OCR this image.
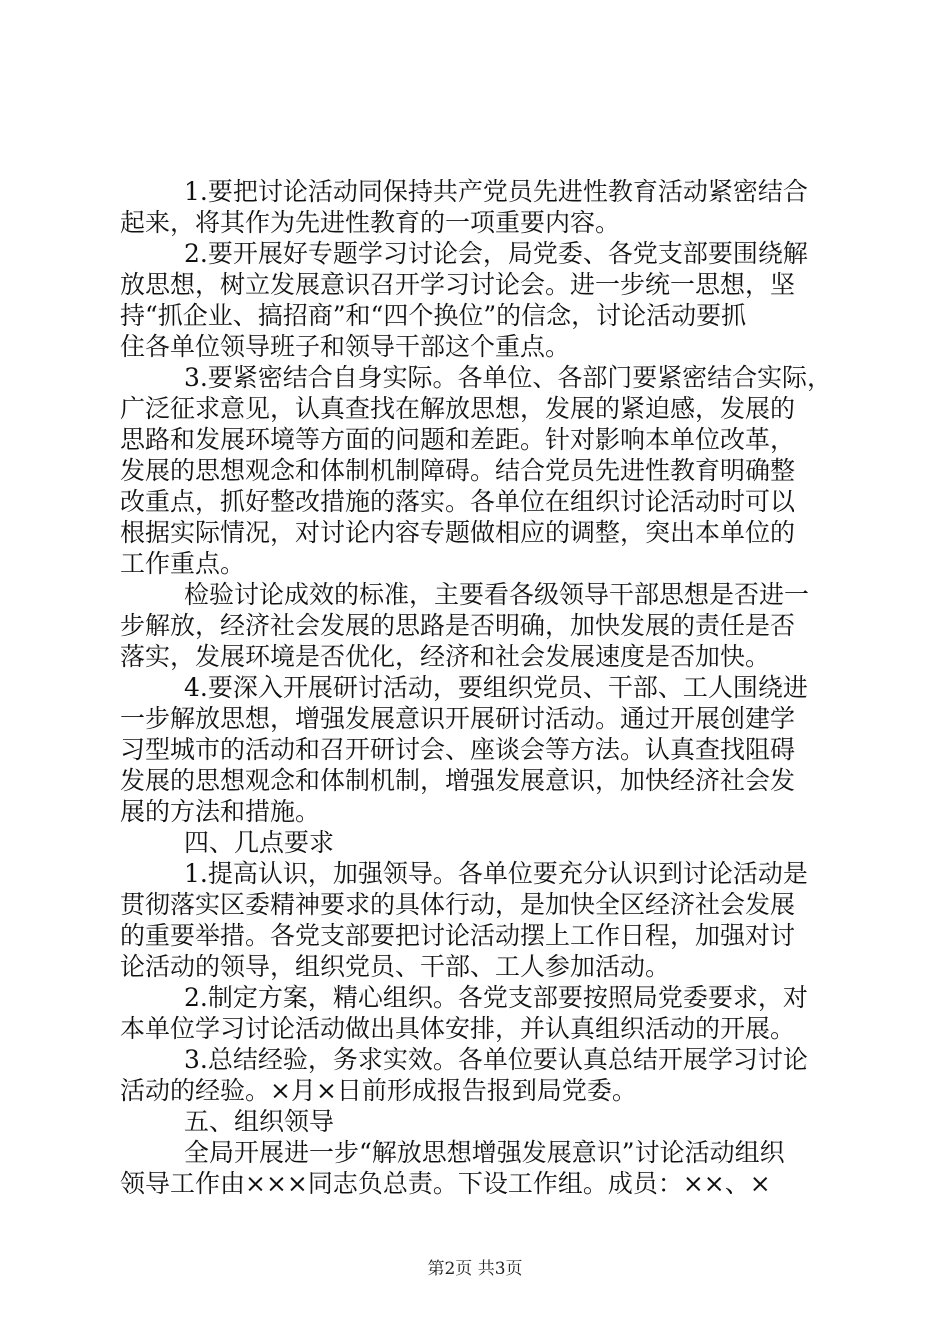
1.要把讨论活动同保持共产党员先进性教育活动紧密结合

起来，将其作为先进性教育的一项重要内容。

2.要开展好专题学习讨论会，局党委、各党支部要围绕解

放思想，树立发展意识召开学习讨论会。进一步统一思想，坚

持“抓企业、搞招商”和“四个换位”的信念，讨论活动要抓

住各单位领导班子和领导干部这个重点。

3.要紧密结合自身实际。各单位、各部门要紧密结合实际，

广泛征求意见，认真查找在解放思想，发展的紧迫感，发展的

思路和发展环境等方面的问题和差距。针对影响本单位改革，

发展的思想观念和体制机制障碍。结合党员先进性教育明确整

改重点，抓好整改措施的落实。各单位在组织讨论活动时可以

根据实际情况，对讨论内容专题做相应的调整，突出本单位的

工作重点。

检验讨论成效的标准，主要看各级领导干部思想是否进一

步解放，经济社会发展的思路是否明确，加快发展的责任是否

落实，发展环境是否优化，经济和社会发展速度是否加快。

4.要深入开展研讨活动，要组织党员、干部、工人围绕进

一步解放思想，增强发展意识开展研讨活动。通过开展创建学

习型城市的活动和召开研讨会、座谈会等方法。认真查找阻碍

发展的思想观念和体制机制，增强发展意识，加快经济社会发

展的方法和措施。

四、几点要求

1.提高认识，加强领导。各单位要充分认识到讨论活动是

贯彻落实区委精神要求的具体行动，是加快全区经济社会发展

的重要举措。各党支部要把讨论活动摆上工作日程，加强对讨

论活动的领导，组织党员、干部、工人参加活动。

2.制定方案，精心组织。各党支部要按照局党委要求，对

本单位学习讨论活动做出具体安排，并认真组织活动的开展。

3.总结经验，务求实效。各单位要认真总结开展学习讨论

活动的经验。×月×日前形成报告报到局党委。

五、组织领导

全局开展进一步“解放思想增强发展意识”讨论活动组织

领导工作由×××同志负总责。下设工作组。成员：××、×

第2页 共3页
